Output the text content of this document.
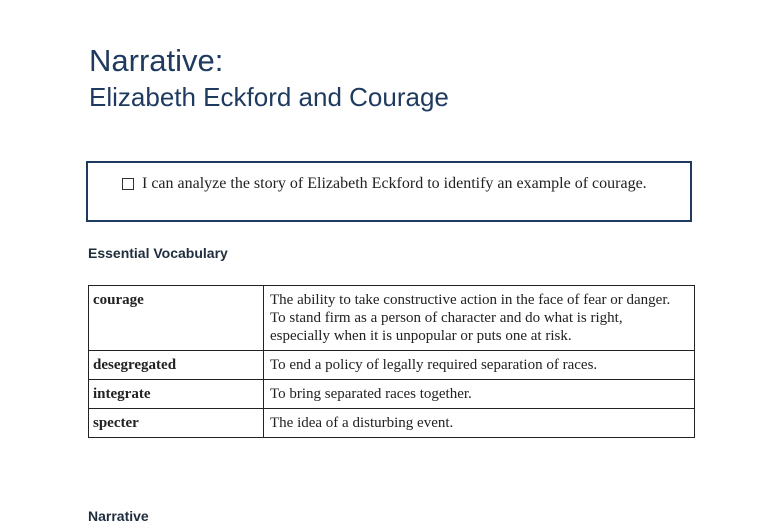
Narrative:
Elizabeth Eckford and Courage
I can analyze the story of Elizabeth Eckford to identify an example of courage.
Essential Vocabulary
courage	The ability to take constructive action in the face of fear or danger. To stand firm as a person of character and do what is right, especially when it is unpopular or puts one at risk.
desegregated	To end a policy of legally required separation of races.
integrate	To bring separated races together.
specter	The idea of a disturbing event.
Narrative
